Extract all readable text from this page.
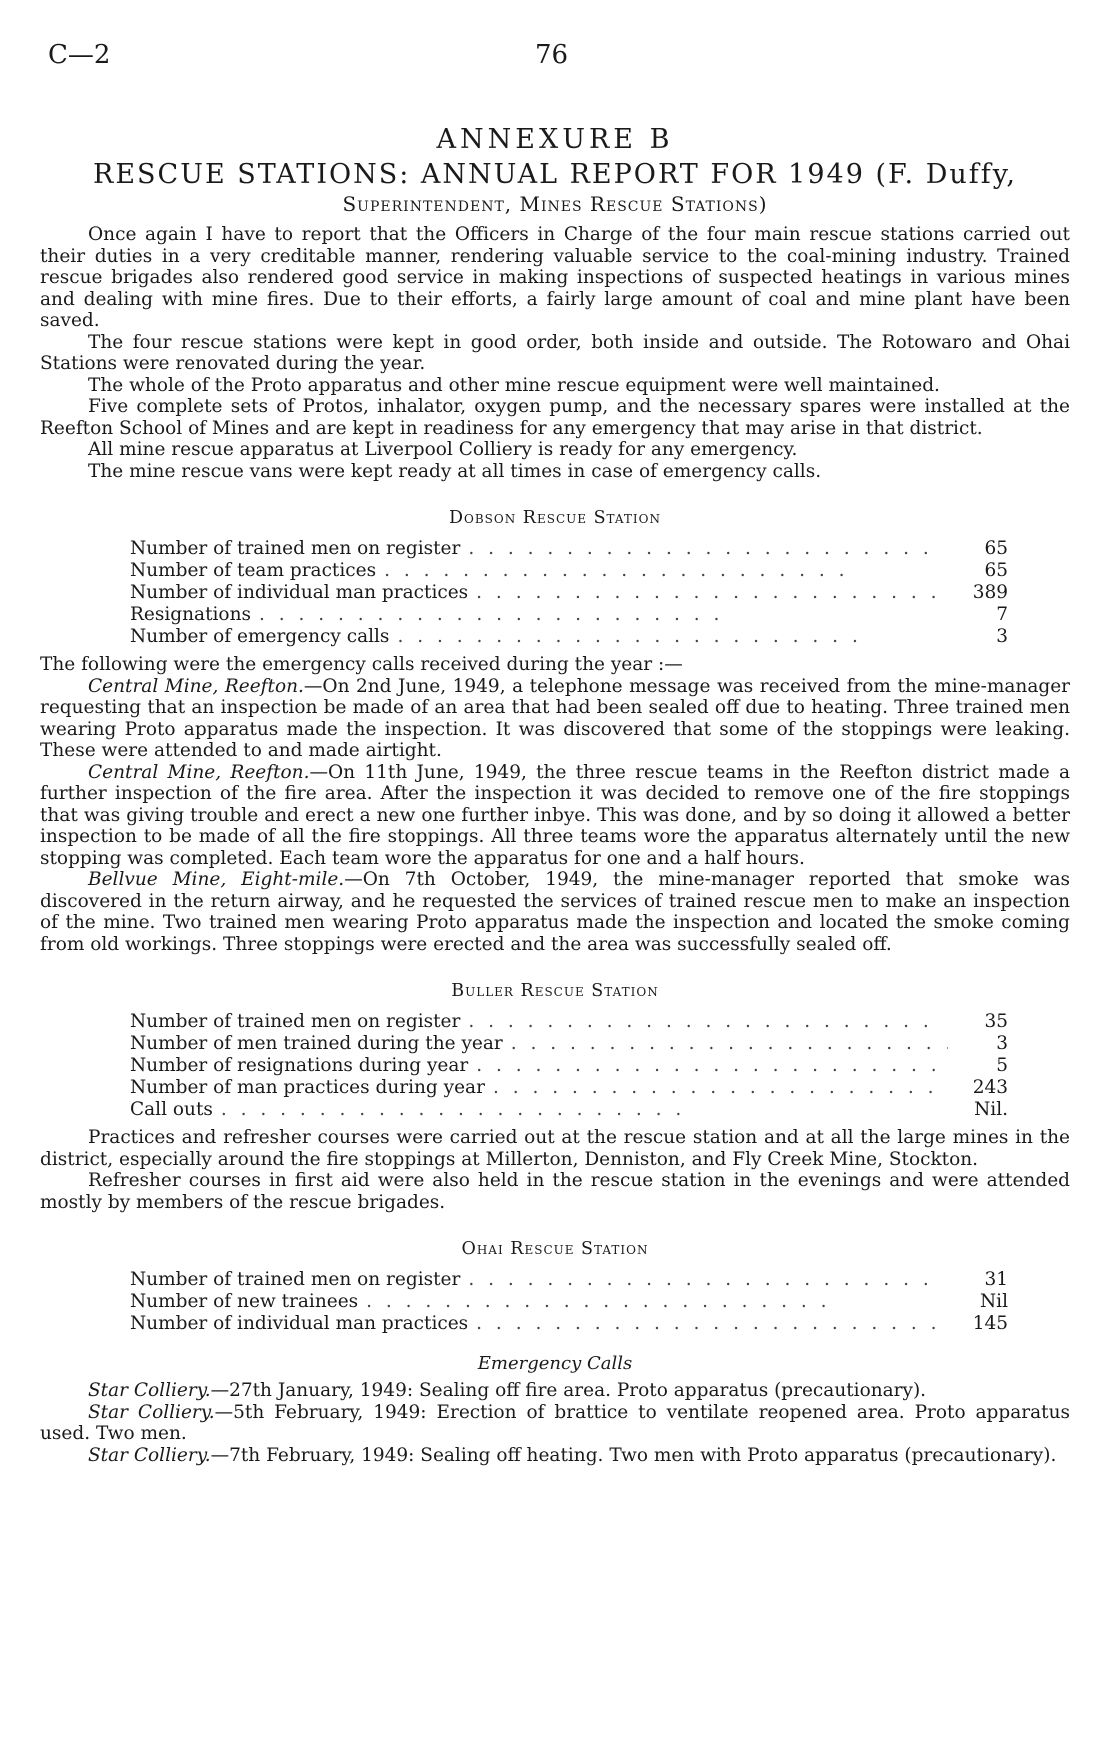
C—2	76
ANNEXURE B
RESCUE STATIONS: ANNUAL REPORT FOR 1949 (F. Duffy,
Superintendent, Mines Rescue Stations)

Once again I have to report that the Officers in Charge of the four main rescue stations carried out their duties in a very creditable manner, rendering valuable service to the coal-mining industry. Trained rescue brigades also rendered good service in making inspections of suspected heatings in various mines and dealing with mine fires. Due to their efforts, a fairly large amount of coal and mine plant have been saved.

The four rescue stations were kept in good order, both inside and outside. The Rotowaro and Ohai Stations were renovated during the year.

The whole of the Proto apparatus and other mine rescue equipment were well maintained.

Five complete sets of Protos, inhalator, oxygen pump, and the necessary spares were installed at the Reefton School of Mines and are kept in readiness for any emergency that may arise in that district.

All mine rescue apparatus at Liverpool Colliery is ready for any emergency.

The mine rescue vans were kept ready at all times in case of emergency calls.

Dobson Rescue Station
Number of trained men on register . .	65
Number of team practices . .	65
Number of individual man practices . .	389
Resignations . .	7
Number of emergency calls . .	3

The following were the emergency calls received during the year :—

Central Mine, Reefton.—On 2nd June, 1949, a telephone message was received from the mine-manager requesting that an inspection be made of an area that had been sealed off due to heating. Three trained men wearing Proto apparatus made the inspection. It was discovered that some of the stoppings were leaking. These were attended to and made airtight.

Central Mine, Reefton.—On 11th June, 1949, the three rescue teams in the Reefton district made a further inspection of the fire area. After the inspection it was decided to remove one of the fire stoppings that was giving trouble and erect a new one further inbye. This was done, and by so doing it allowed a better inspection to be made of all the fire stoppings. All three teams wore the apparatus alternately until the new stopping was completed. Each team wore the apparatus for one and a half hours.

Bellvue Mine, Eight-mile.—On 7th October, 1949, the mine-manager reported that smoke was discovered in the return airway, and he requested the services of trained rescue men to make an inspection of the mine. Two trained men wearing Proto apparatus made the inspection and located the smoke coming from old workings. Three stoppings were erected and the area was successfully sealed off.

Buller Rescue Station
Number of trained men on register . .	35
Number of men trained during the year . .	3
Number of resignations during year . .	5
Number of man practices during year . .	243
Call outs . .	Nil.

Practices and refresher courses were carried out at the rescue station and at all the large mines in the district, especially around the fire stoppings at Millerton, Denniston, and Fly Creek Mine, Stockton.

Refresher courses in first aid were also held in the rescue station in the evenings and were attended mostly by members of the rescue brigades.

Ohai Rescue Station
Number of trained men on register . .	31
Number of new trainees . .	Nil
Number of individual man practices . .	145
Emergency Calls

Star Colliery.—27th January, 1949: Sealing off fire area. Proto apparatus (precautionary).

Star Colliery.—5th February, 1949: Erection of brattice to ventilate reopened area. Proto apparatus used. Two men.

Star Colliery.—7th February, 1949: Sealing off heating. Two men with Proto apparatus (precautionary).
